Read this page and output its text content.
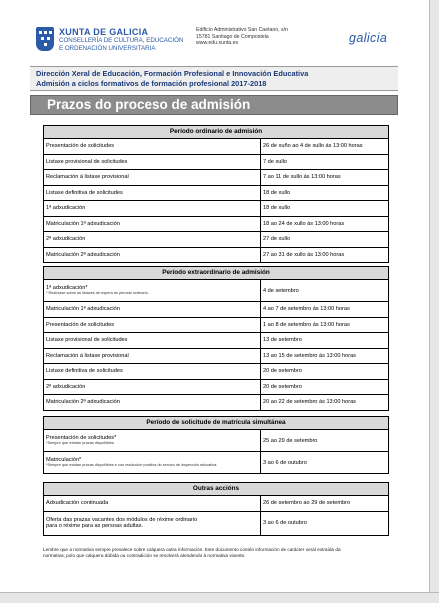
XUNTA DE GALICIA
CONSELLERÍA DE CULTURA, EDUCACIÓN
E ORDENACIÓN UNIVERSITARIA
Edificio Administrativo San Caetano, s/n
15781 Santiago de Compostela
www.edu.xunta.es	galicia
Dirección Xeral de Educación, Formación Profesional e Innovación Educativa
Admisión a ciclos formativos de formación profesional 2017-2018
Prazos do proceso de admisión
Período ordinario de admisión
Presentación de solicitudes	26 de xuño ao 4 de xullo ás 13:00 horas
Listaxe provisional de solicitudes	7 de xullo
Reclamación á listaxe provisional	7 ao 11 de xullo ás 13:00 horas
Listaxe definitiva de solicitudes	18 de xullo
1ª adxudicación	18 de xullo
Matriculación 1ª adxudicación	18 ao 24 de xullo ás 13:00 horas
2ª adxudicación	27 de xullo
Matriculación 2ª adxudicación	27 ao 31 de xullo ás 13:00 horas
Período extraordinario de admisión
1ª adxudicación*
* Realízase sobre as listaxes de espera do período ordinario.	4 de setembro
Matriculación 1ª adxudicación	4 ao 7 de setembro ás 13:00 horas
Presentación de solicitudes	1 ao 8 de setembro ás 13:00 horas
Listaxe provisional de solicitudes	13 de setembro
Reclamación á listaxe provisional	13 ao 15 de setembro ás 13:00 horas
Listaxe definitiva de solicitudes	20 de setembro
2ª adxudicación	20 de setembro
Matriculación 2ª adxudicación	20 ao 22 de setembro ás 13:00 horas
Período de solicitude de matrícula simultánea
Presentación de solicitudes*
*Sempre que existan prazas dispoñibles.	25 ao 29 de setembro
Matriculación*
*Sempre que existan prazas dispoñibles e con resolución positiva do servizo de inspección educativa.	3 ao 6 de outubro
Outras accións
Adxudicación continuada	26 de setembro ao 29 de setembro
Oferta das prazas vacantes dos módulos de réxime ordinario
para o réxime para as persoas adultas.	3 ao 6 de outubro
Lembre que a normativa sempre prevalece sobre calquera outra información. Este documento contén información de carácter xeral extraída da
normativa, polo que calquera dúbida ou contradición se resolverá atendendo á normativa vixente.
